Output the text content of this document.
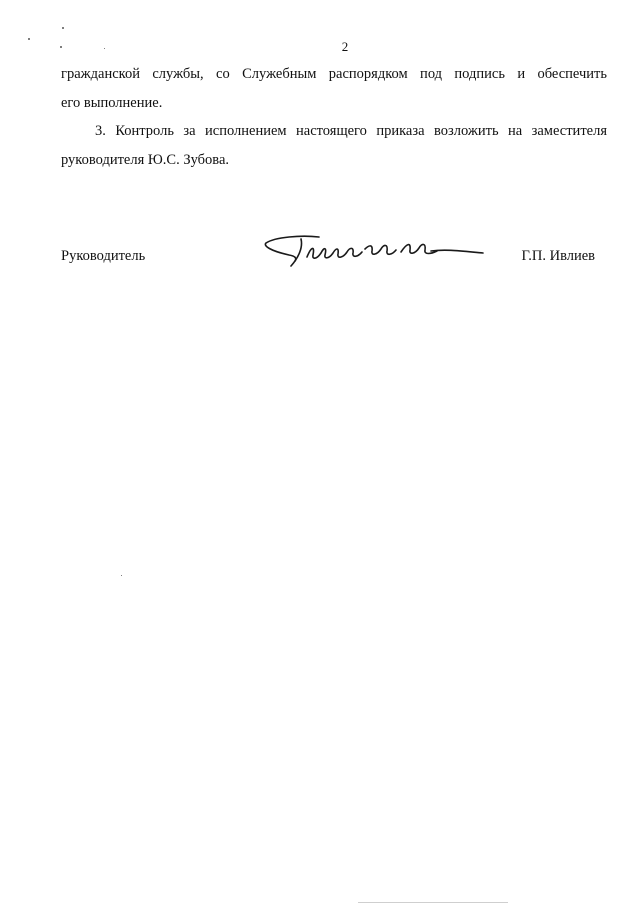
2
гражданской службы, со Служебным распорядком под подпись и обеспечить
его выполнение.
3. Контроль за исполнением настоящего приказа возложить на заместителя
руководителя Ю.С. Зубова.
Руководитель	Г.П. Ивлиев
